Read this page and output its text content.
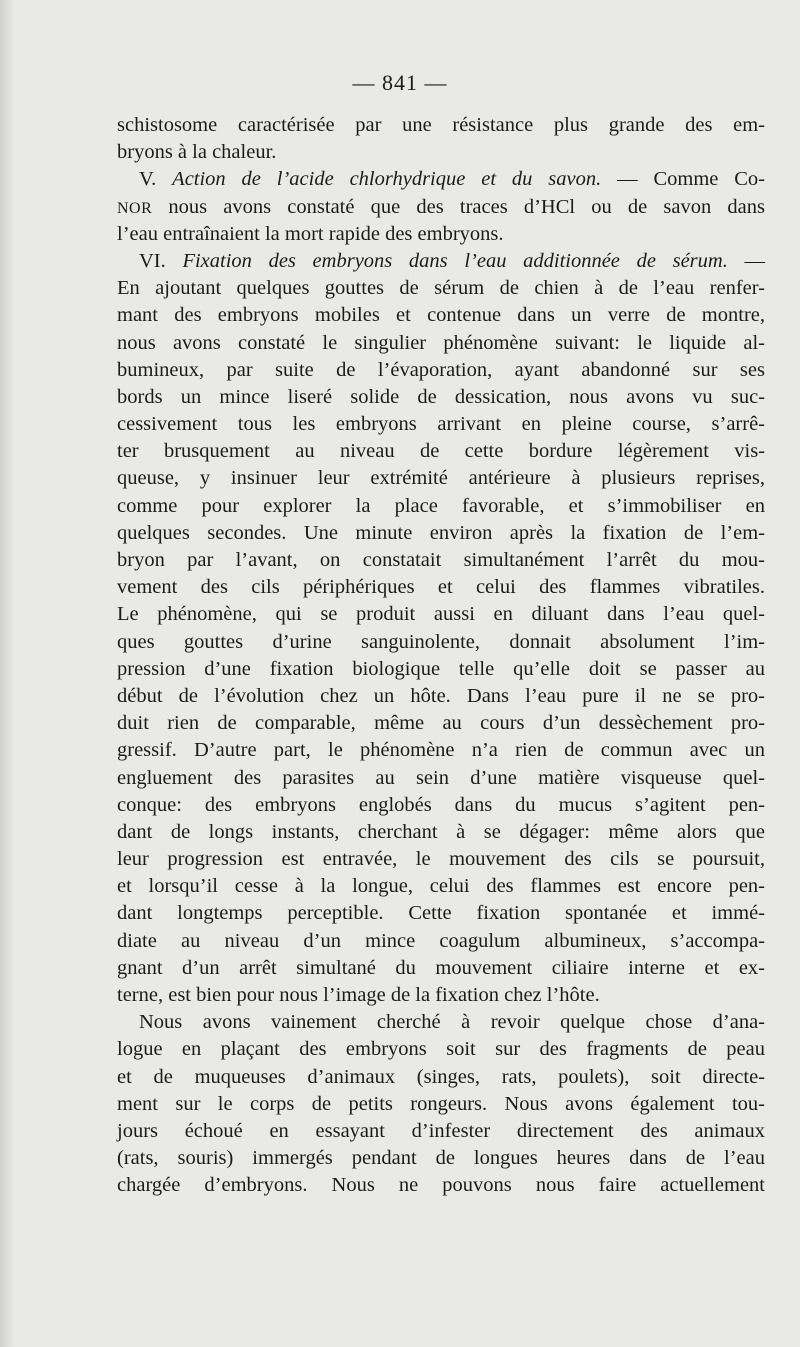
— 841 —
schistosome caractérisée par une résistance plus grande des em-
bryons à la chaleur.
V. Action de l’acide chlorhydrique et du savon. — Comme Co-
NOR nous avons constaté que des traces d’HCl ou de savon dans
l’eau entraînaient la mort rapide des embryons.
VI. Fixation des embryons dans l’eau additionnée de sérum. —
En ajoutant quelques gouttes de sérum de chien à de l’eau renfer-
mant des embryons mobiles et contenue dans un verre de montre,
nous avons constaté le singulier phénomène suivant: le liquide al-
bumineux, par suite de l’évaporation, ayant abandonné sur ses
bords un mince liseré solide de dessication, nous avons vu suc-
cessivement tous les embryons arrivant en pleine course, s’arrê-
ter brusquement au niveau de cette bordure légèrement vis-
queuse, y insinuer leur extrémité antérieure à plusieurs reprises,
comme pour explorer la place favorable, et s’immobiliser en
quelques secondes. Une minute environ après la fixation de l’em-
bryon par l’avant, on constatait simultanément l’arrêt du mou-
vement des cils périphériques et celui des flammes vibratiles.
Le phénomène, qui se produit aussi en diluant dans l’eau quel-
ques gouttes d’urine sanguinolente, donnait absolument l’im-
pression d’une fixation biologique telle qu’elle doit se passer au
début de l’évolution chez un hôte. Dans l’eau pure il ne se pro-
duit rien de comparable, même au cours d’un dessèchement pro-
gressif. D’autre part, le phénomène n’a rien de commun avec un
engluement des parasites au sein d’une matière visqueuse quel-
conque: des embryons englobés dans du mucus s’agitent pen-
dant de longs instants, cherchant à se dégager: même alors que
leur progression est entravée, le mouvement des cils se poursuit,
et lorsqu’il cesse à la longue, celui des flammes est encore pen-
dant longtemps perceptible. Cette fixation spontanée et immé-
diate au niveau d’un mince coagulum albumineux, s’accompa-
gnant d’un arrêt simultané du mouvement ciliaire interne et ex-
terne, est bien pour nous l’image de la fixation chez l’hôte.
Nous avons vainement cherché à revoir quelque chose d’ana-
logue en plaçant des embryons soit sur des fragments de peau
et de muqueuses d’animaux (singes, rats, poulets), soit directe-
ment sur le corps de petits rongeurs. Nous avons également tou-
jours échoué en essayant d’infester directement des animaux
(rats, souris) immergés pendant de longues heures dans de l’eau
chargée d’embryons. Nous ne pouvons nous faire actuellement
